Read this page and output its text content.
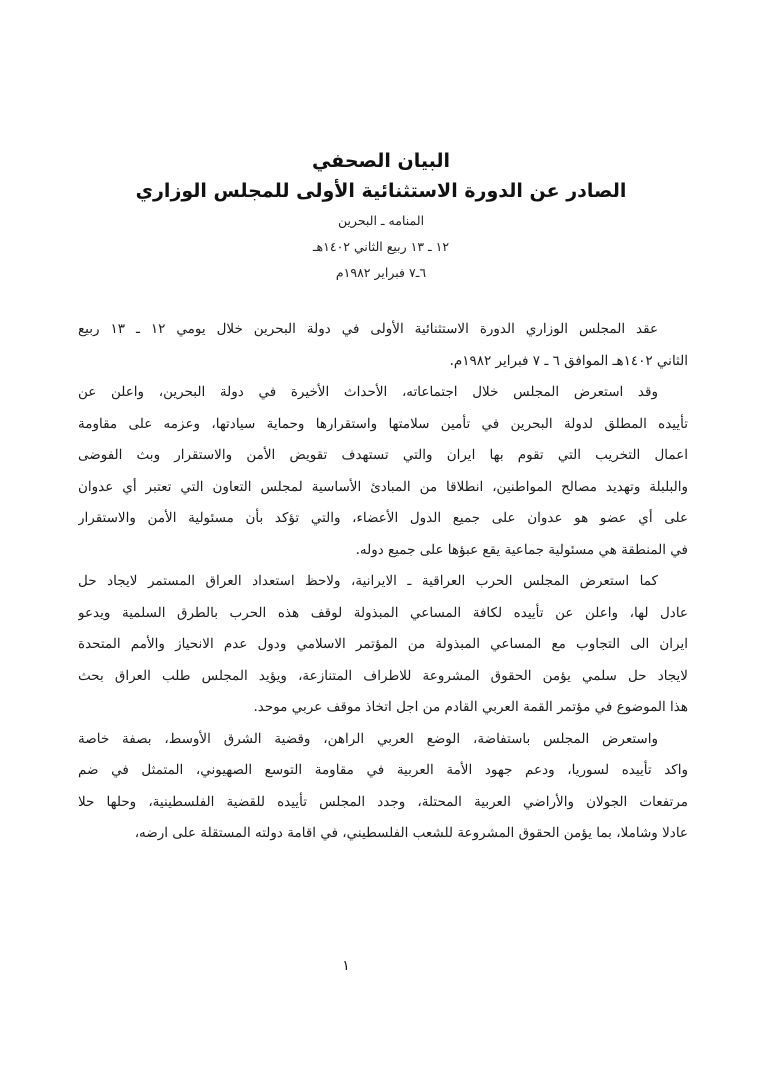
البيان الصحفي
الصادر عن الدورة الاستثنائية الأولى للمجلس الوزاري
المنامه ـ البحرين
١٢ ـ ١٣ ربيع الثاني ١٤٠٢هـ
٦ـ٧ فبراير ١٩٨٢م
عقد المجلس الوزاري الدورة الاستثنائية الأولى في دولة البحرين خلال يومي ١٢ ـ ١٣ ربيع
الثاني ١٤٠٢هـ الموافق ٦ ـ ٧ فبراير ١٩٨٢م.
وقد استعرض المجلس خلال اجتماعاته، الأحداث الأخيرة في دولة البحرين، واعلن عن
تأييده المطلق لدولة البحرين في تأمين سلامتها واستقرارها وحماية سيادتها، وعزمه على مقاومة
اعمال التخريب التي تقوم بها ايران والتي تستهدف تقويض الأمن والاستقرار وبث الفوضى
والبلبلة وتهديد مصالح المواطنين، انطلاقا من المبادئ الأساسية لمجلس التعاون التي تعتبر أي عدوان
على أي عضو هو عدوان على جميع الدول الأعضاء، والتي تؤكد بأن مسئولية الأمن والاستقرار
في المنطقة هي مسئولية جماعية يقع عبؤها على جميع دوله.
كما استعرض المجلس الحرب العراقية ـ الايرانية، ولاحظ استعداد العراق المستمر لايجاد حل
عادل لها، واعلن عن تأييده لكافة المساعي المبذولة لوقف هذه الحرب بالطرق السلمية ويدعو
ايران الى التجاوب مع المساعي المبذولة من المؤتمر الاسلامي ودول عدم الانحياز والأمم المتحدة
لايجاد حل سلمي يؤمن الحقوق المشروعة للاطراف المتنازعة، ويؤيد المجلس طلب العراق بحث
هذا الموضوع في مؤتمر القمة العربي القادم من اجل اتخاذ موقف عربي موحد.
واستعرض المجلس باستفاضة، الوضع العربي الراهن، وقضية الشرق الأوسط، بصفة خاصة
واكد تأييده لسوريا، ودعم جهود الأمة العربية في مقاومة التوسع الصهيوني، المتمثل في ضم
مرتفعات الجولان والأراضي العربية المحتلة، وجدد المجلس تأييده للقضية الفلسطينية، وحلها حلا
عادلا وشاملا، بما يؤمن الحقوق المشروعة للشعب الفلسطيني، في اقامة دولته المستقلة على ارضه،
١
